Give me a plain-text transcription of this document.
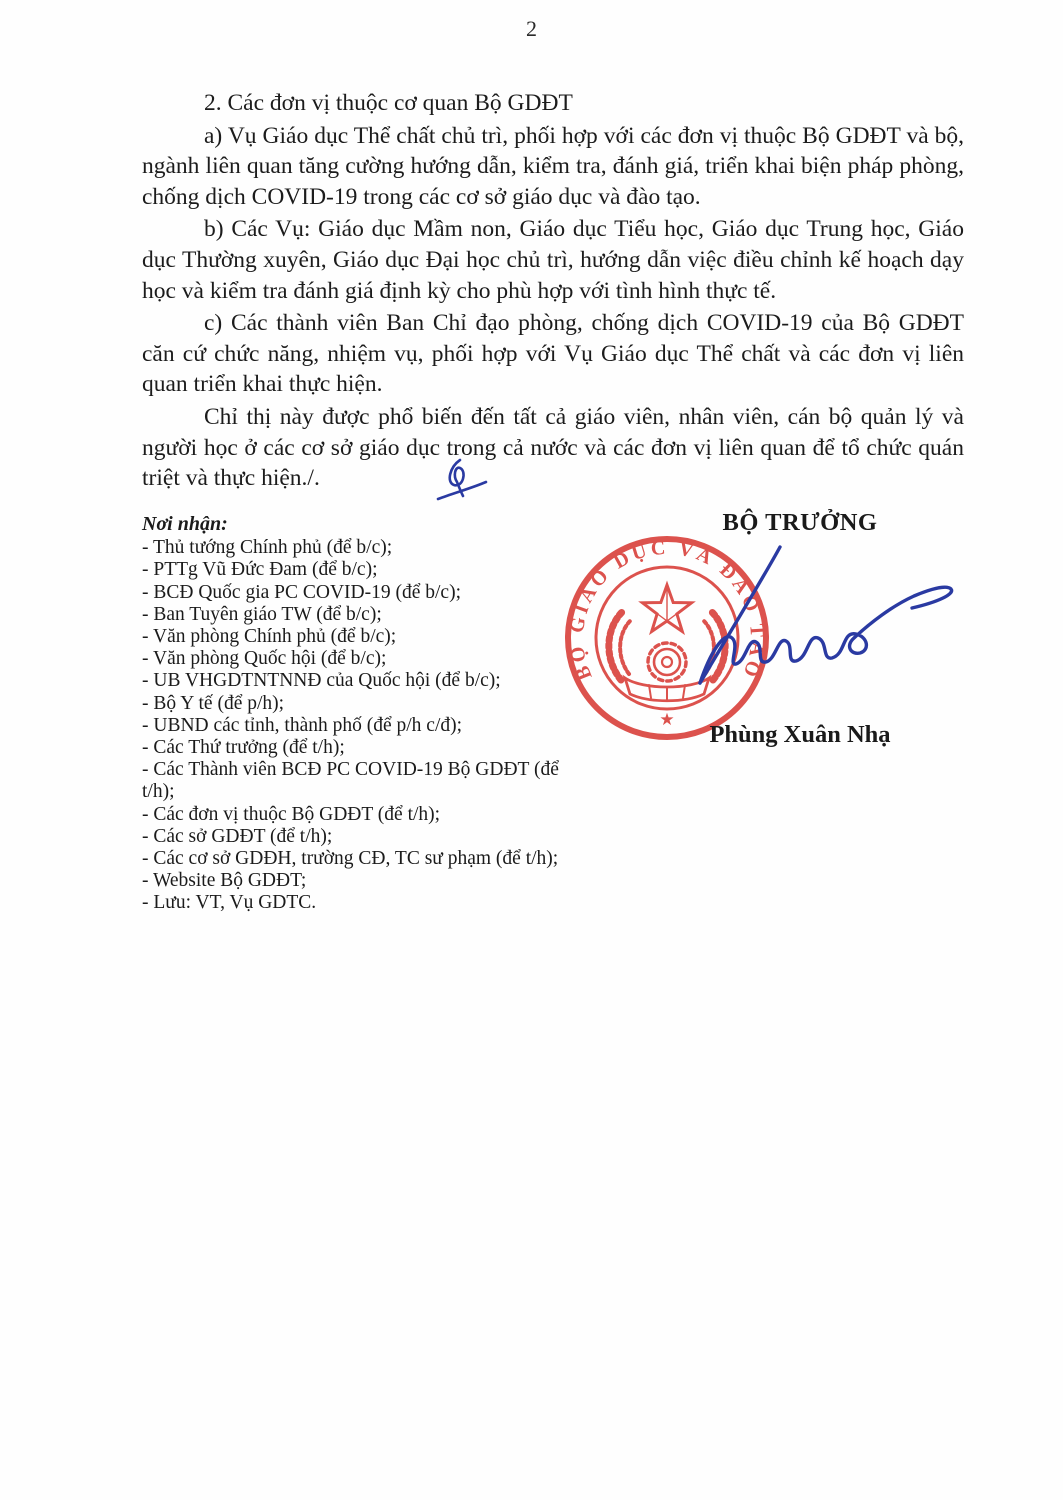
2

2. Các đơn vị thuộc cơ quan Bộ GDĐT

a) Vụ Giáo dục Thể chất chủ trì, phối hợp với các đơn vị thuộc Bộ GDĐT và bộ, ngành liên quan tăng cường hướng dẫn, kiểm tra, đánh giá, triển khai biện pháp phòng, chống dịch COVID-19 trong các cơ sở giáo dục và đào tạo.

b) Các Vụ: Giáo dục Mầm non, Giáo dục Tiểu học, Giáo dục Trung học, Giáo dục Thường xuyên, Giáo dục Đại học chủ trì, hướng dẫn việc điều chỉnh kế hoạch dạy học và kiểm tra đánh giá định kỳ cho phù hợp với tình hình thực tế.

c) Các thành viên Ban Chỉ đạo phòng, chống dịch COVID-19 của Bộ GDĐT căn cứ chức năng, nhiệm vụ, phối hợp với Vụ Giáo dục Thể chất và các đơn vị liên quan triển khai thực hiện.

Chỉ thị này được phổ biến đến tất cả giáo viên, nhân viên, cán bộ quản lý và người học ở các cơ sở giáo dục trong cả nước và các đơn vị liên quan để tổ chức quán triệt và thực hiện./.

Nơi nhận:
- Thủ tướng Chính phủ (để b/c);
- PTTg Vũ Đức Đam (để b/c);
- BCĐ Quốc gia PC COVID-19 (để b/c);
- Ban Tuyên giáo TW (để b/c);
- Văn phòng Chính phủ (để b/c);
- Văn phòng Quốc hội (để b/c);
- UB VHGDTNTNNĐ của Quốc hội (để b/c);
- Bộ Y tế (để p/h);
- UBND các tỉnh, thành phố (để p/h c/đ);
- Các Thứ trưởng (để t/h);
- Các Thành viên BCĐ PC COVID-19 Bộ GDĐT (để t/h);
- Các đơn vị thuộc Bộ GDĐT (để t/h);
- Các sở GDĐT (để t/h);
- Các cơ sở GDĐH, trường CĐ, TC sư phạm (để t/h);
- Website Bộ GDĐT;
- Lưu: VT, Vụ GDTC.
BỘ TRƯỞNG
BỘ GIÁO DỤC VÀ ĐÀO TẠO
★
Phùng Xuân Nhạ
